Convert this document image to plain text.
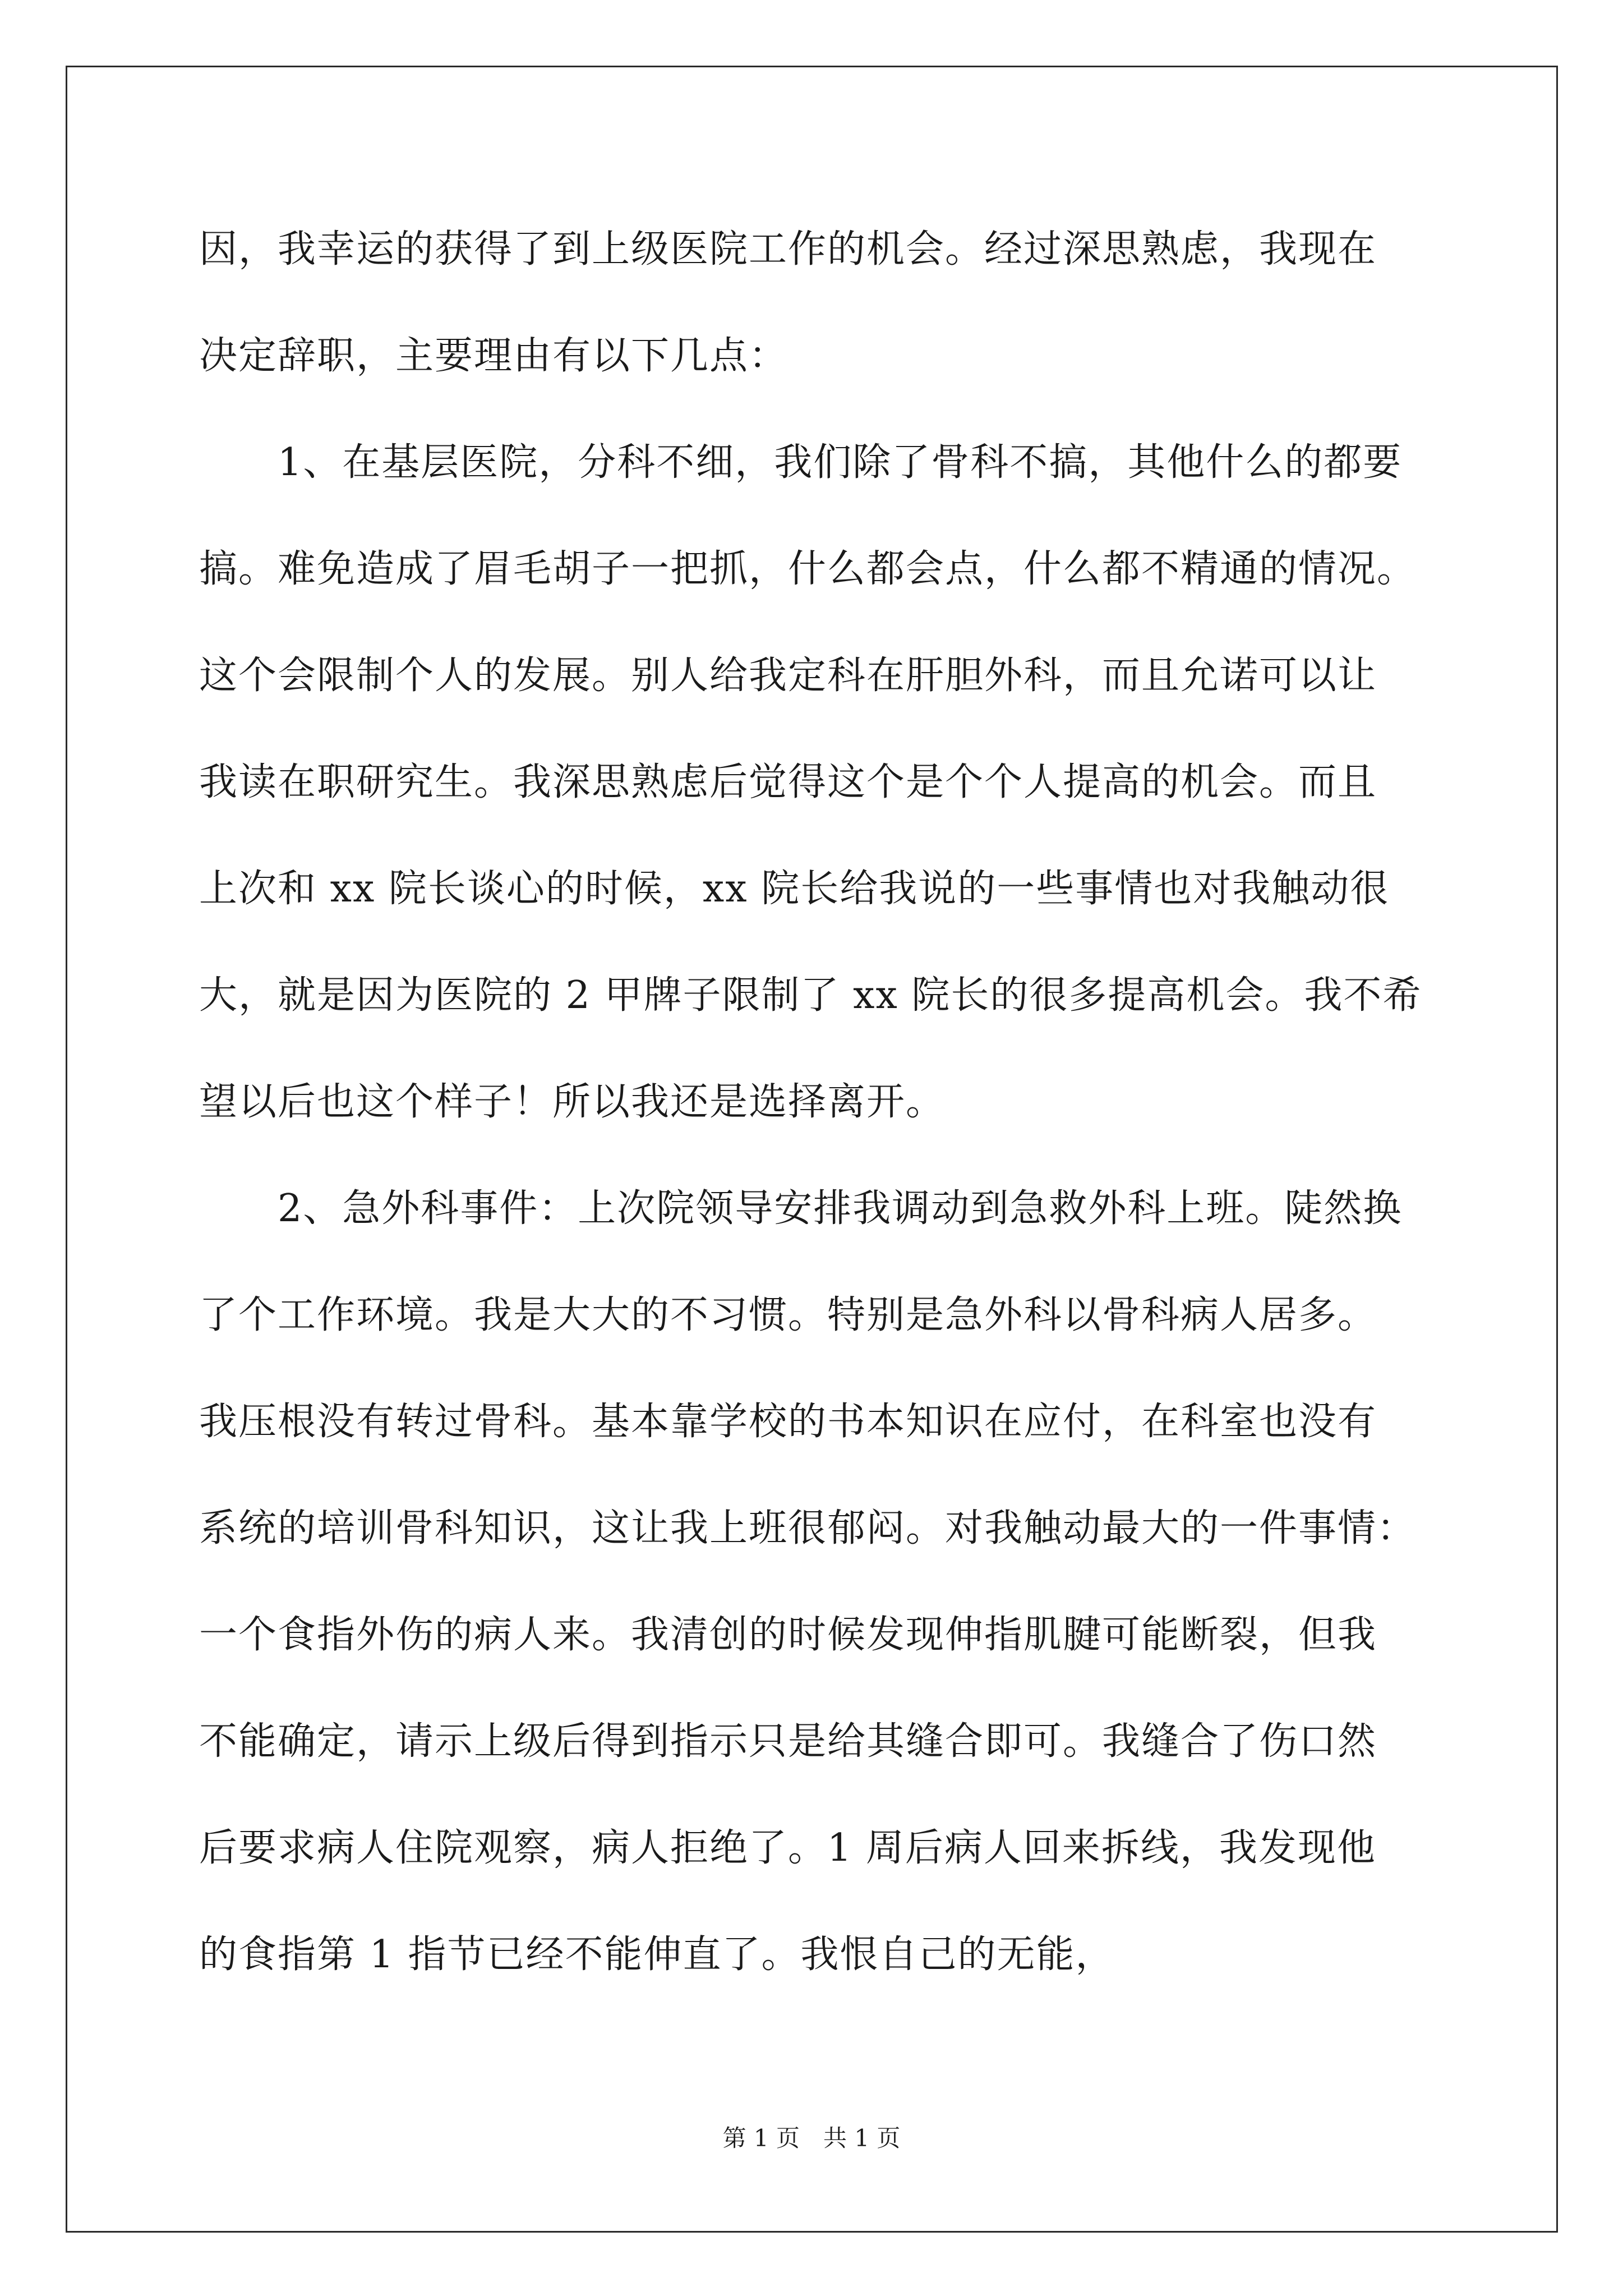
因，我幸运的获得了到上级医院工作的机会。经过深思熟虑，我现在
决定辞职，主要理由有以下几点：
　　1、在基层医院，分科不细，我们除了骨科不搞，其他什么的都要
搞。难免造成了眉毛胡子一把抓，什么都会点，什么都不精通的情况。
这个会限制个人的发展。别人给我定科在肝胆外科，而且允诺可以让
我读在职研究生。我深思熟虑后觉得这个是个个人提高的机会。而且
上次和 xx 院长谈心的时候，xx 院长给我说的一些事情也对我触动很
大，就是因为医院的 2 甲牌子限制了 xx 院长的很多提高机会。我不希
望以后也这个样子！所以我还是选择离开。
　　2、急外科事件：上次院领导安排我调动到急救外科上班。陡然换
了个工作环境。我是大大的不习惯。特别是急外科以骨科病人居多。
我压根没有转过骨科。基本靠学校的书本知识在应付，在科室也没有
系统的培训骨科知识，这让我上班很郁闷。对我触动最大的一件事情：
一个食指外伤的病人来。我清创的时候发现伸指肌腱可能断裂，但我
不能确定，请示上级后得到指示只是给其缝合即可。我缝合了伤口然
后要求病人住院观察，病人拒绝了。1 周后病人回来拆线，我发现他
的食指第 1 指节已经不能伸直了。我恨自己的无能，
第 1 页　共 1 页
